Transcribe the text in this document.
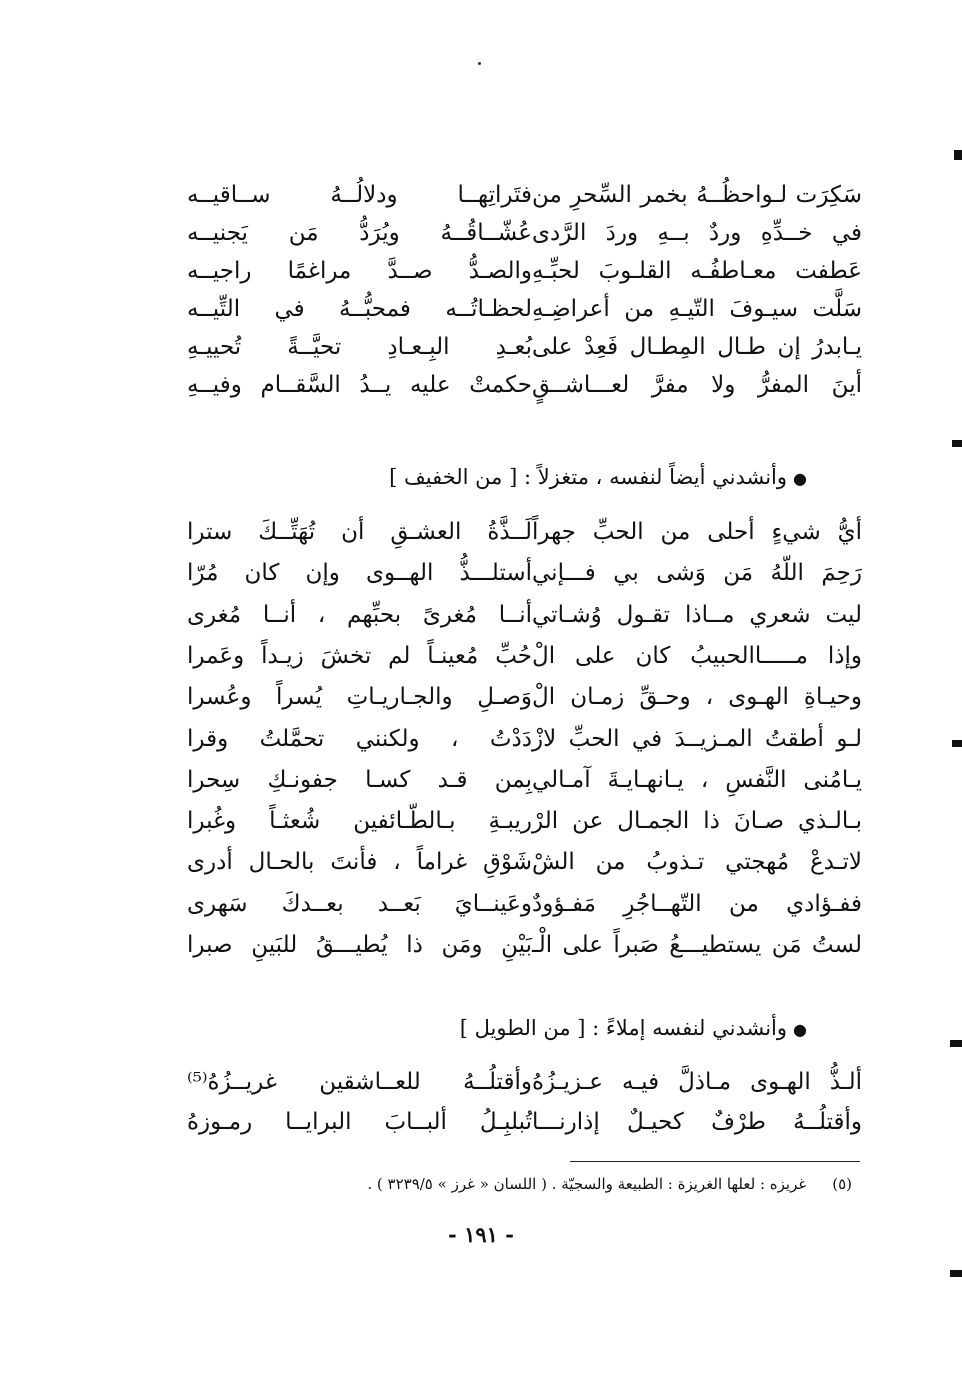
سَكِرَت لـواحظُــهُ بخمر السِّحرِ من
فتَراتِهــا ودلالُــهُ ســاقيــه
في خــدِّهِ وردٌ بــهِ وردَ الرَّدى
عُشّــاقُــهُ ويُرَدُّ مَن يَجنيــه
عَطفت معـاطفُـه القلـوبَ لحبِّـهِ
والصـدُّ صــدَّ مراغمًا راجيــه
سَلَّت سيـوفَ التّيـهِ من أعراضِـهِ
لحظـاتُــه فمحبُّــهُ في التِّيــه
يـابدرُ إن طـال المِطـال فَعِدْ على
بُعـدِ البِـعـادِ تحيَّــةً تُحييـهِ
أينَ المفرُّ ولا مفرَّ لعـــاشــقٍ
حكمتْ عليه يــدُ السَّقــام وفيــهِ
أيُّ شيءٍ أحلى من الحبِّ جهراً
لَــذَّةُ العشـقِ أن تُهَتِّــكَ سترا
رَحِمَ اللّهُ مَن وَشى بي فـــإني
أستلـــذُّ الهــوى وإن كان مُرّا
ليت شعري مــاذا تقـول وُشـاتي
أنــا مُغرىً بحبِّهم ، أنــا مُغرى
وإذا مـــــاالحبيبُ كان على الْ
حُبِّ مُعينـاً لم تخشَ زيـداً وعَمرا
وحيـاةِ الهـوى ، وحـقِّ زمـان الْ
وَصـلِ والجـاريـاتِ يُسراً وعُسرا
لـو أطقتُ المـزيــدَ في الحبِّ لازْ
دَدْتُ ، ولكنني تحمَّلتُ وقرا
يـامُنى النَّفسِ ، يـانهـايـةَ آمـالي
بِمن قـد كسـا جفونـكِ سِحرا
بـالـذي صـانَ ذا الجمـال عن الرْ
ريبـةِ بـالطّـائفين شُعثـاً وغُبرا
لاتـدعْ مُهجتي تـذوبُ من الشْ
شَوْقِ غراماً ، فأنتَ بالحـال أدرى
ففـؤادي من التّهــاجُرِ مَفـؤودٌ
وعَينــايَ بَعــد بعــدكَ سَهرى
لستُ مَن يستطيـــعُ صَبراً على الْـ
بَيْنِ ومَن ذا يُطيـــقُ للبَينِ صبرا
ألـذُّ الهـوى مـاذلَّ فيـه عـزيـزُهُ
وأقتلُــهُ للعــاشقين غريــزُهُ⁽⁵⁾
وأقتلُــهُ طرْفٌ كحيـلٌ إذارنـــا
تُبلبِـلُ ألبــابَ البرايــا رمـوزهُ
●وأنشدني أيضاً لنفسه ، متغزلاً : [ من الخفيف ]
●وأنشدني لنفسه إملاءً : [ من الطويل ]
(٥)غريزه : لعلها الغريزة : الطبيعة والسجيّة . ( اللسان « غرز » ٣٢٣٩/٥ ) .
- ١٩١ -
